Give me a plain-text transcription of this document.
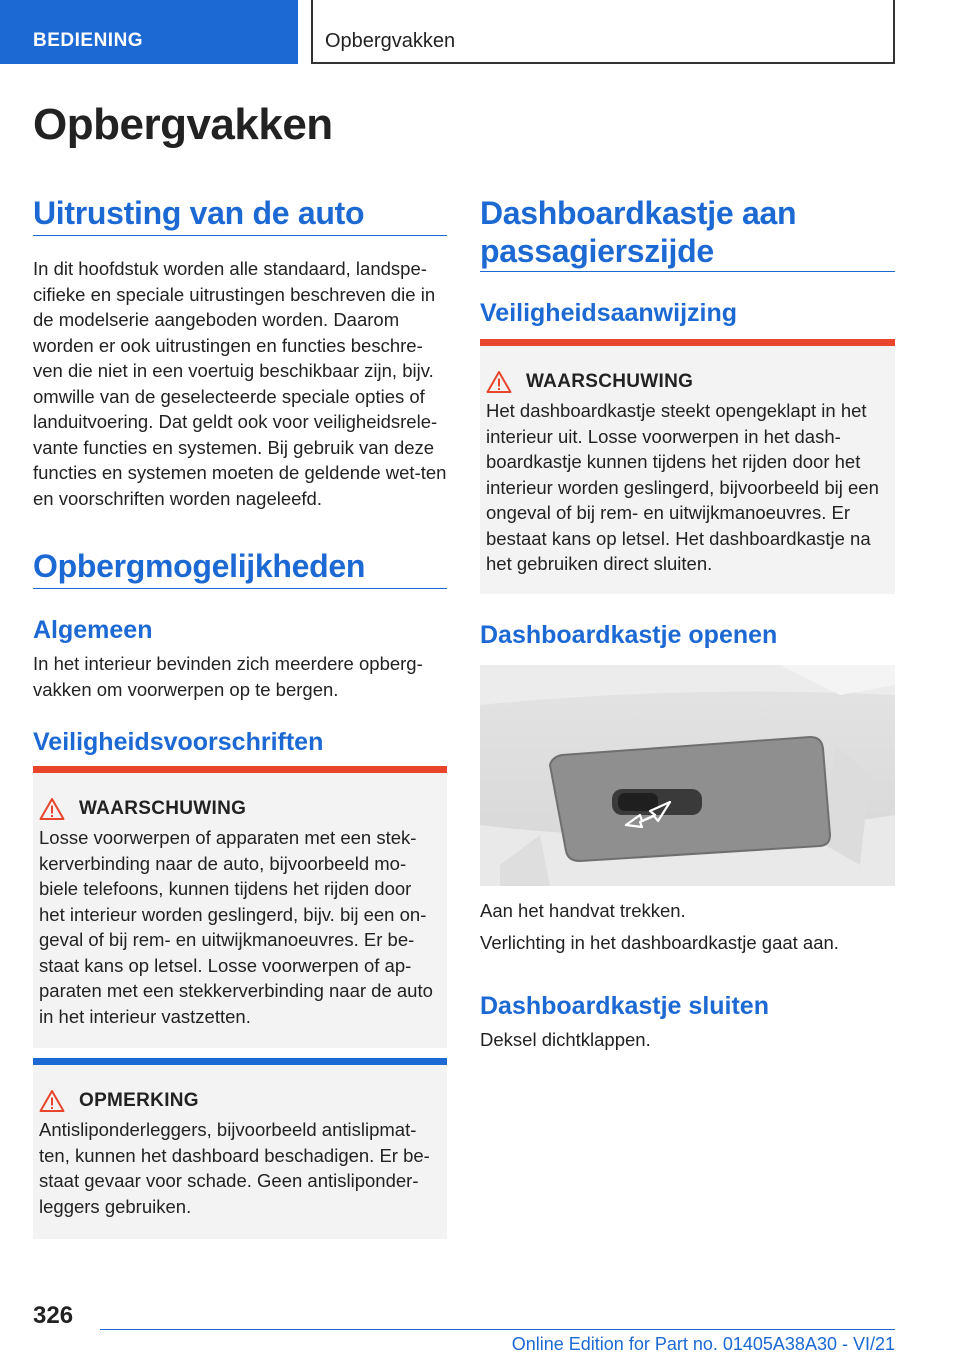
BEDIENING	Opbergvakken
Opbergvakken
Uitrusting van de auto

In dit hoofdstuk worden alle standaard, landspe-cifieke en speciale uitrustingen beschreven die in de modelserie aangeboden worden. Daarom worden er ook uitrustingen en functies beschre-ven die niet in een voertuig beschikbaar zijn, bijv. omwille van de geselecteerde speciale opties of landuitvoering. Dat geldt ook voor veiligheidsrele-vante functies en systemen. Bij gebruik van deze functies en systemen moeten de geldende wet-ten en voorschriften worden nageleefd.

Opbergmogelijkheden
Algemeen

In het interieur bevinden zich meerdere opberg-vakken om voorwerpen op te bergen.

Veiligheidsvoorschriften
WAARSCHUWING
Losse voorwerpen of apparaten met een stek-kerverbinding naar de auto, bijvoorbeeld mo-biele telefoons, kunnen tijdens het rijden door het interieur worden geslingerd, bijv. bij een on-geval of bij rem- en uitwijkmanoeuvres. Er be-staat kans op letsel. Losse voorwerpen of ap-paraten met een stekkerverbinding naar de auto in het interieur vastzetten.
OPMERKING
Antisliponderleggers, bijvoorbeeld antislipmat-ten, kunnen het dashboard beschadigen. Er be-staat gevaar voor schade. Geen antisliponder-leggers gebruiken.
Dashboardkastje aan passagierszijde
Veiligheidsaanwijzing
WAARSCHUWING
Het dashboardkastje steekt opengeklapt in het interieur uit. Losse voorwerpen in het dash-boardkastje kunnen tijdens het rijden door het interieur worden geslingerd, bijvoorbeeld bij een ongeval of bij rem- en uitwijkmanoeuvres. Er bestaat kans op letsel. Het dashboardkastje na het gebruiken direct sluiten.
Dashboardkastje openen

Aan het handvat trekken.

Verlichting in het dashboardkastje gaat aan.

Dashboardkastje sluiten

Deksel dichtklappen.

326
Online Edition for Part no. 01405A38A30 - VI/21
